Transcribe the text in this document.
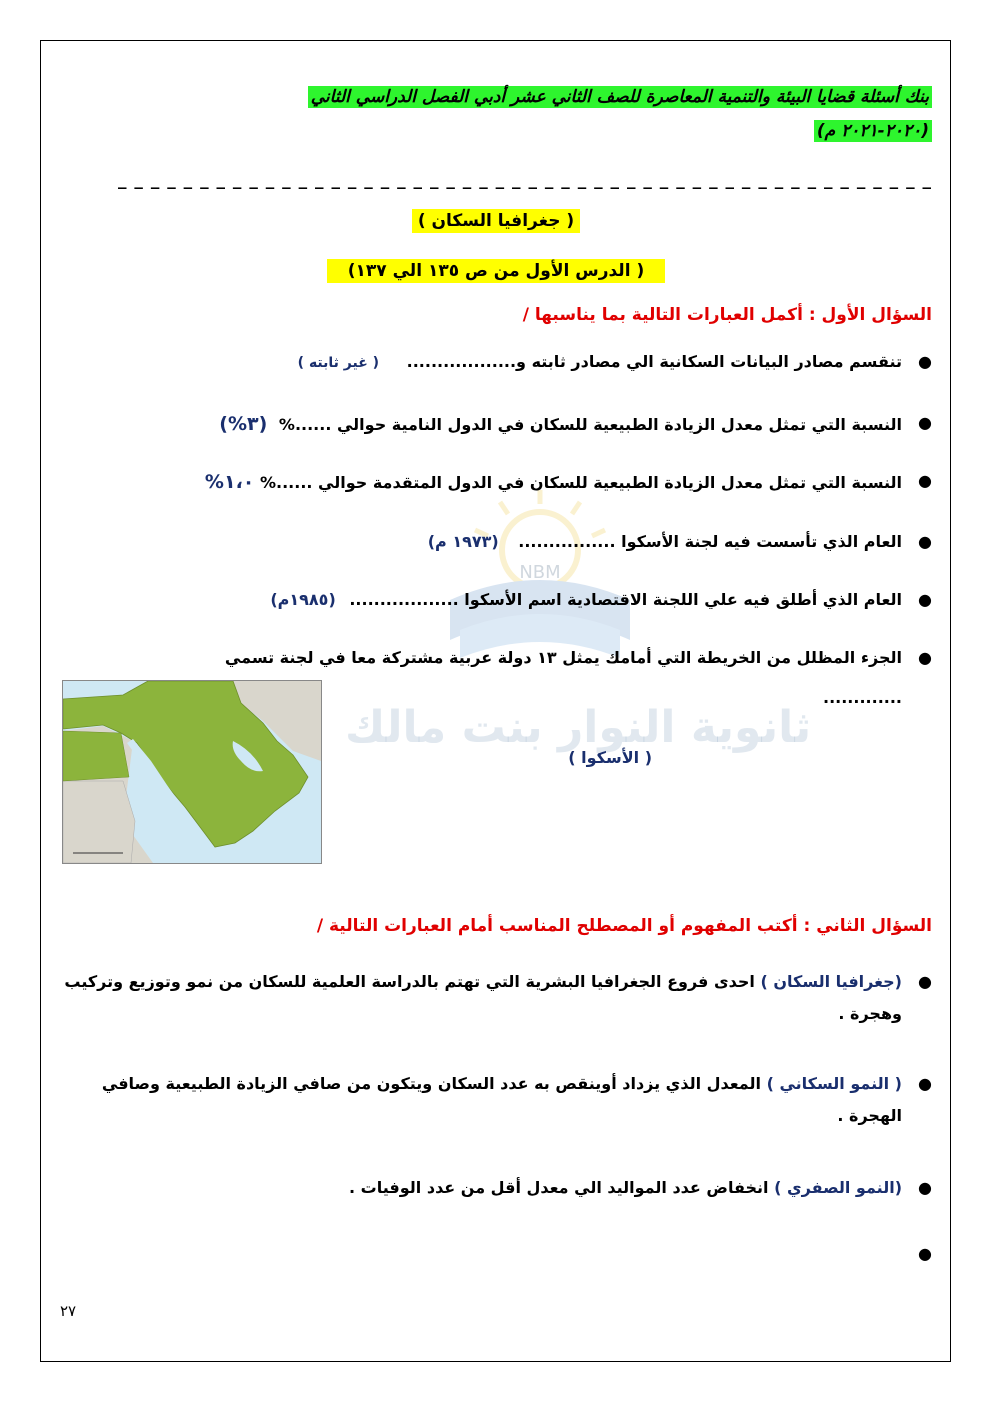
NBM
ثانوية النوار بنت مالك
بنك أسئلة قضايا البيئة والتنمية المعاصرة للصف الثاني عشر أدبي الفصل الدراسي الثاني
(٢٠٢٠-٢٠٢١ م)
_ _ _ _ _ _ _ _ _ _ _ _ _ _ _ _ _ _ _ _ _ _ _ _ _ _ _ _ _ _ _ _ _ _ _ _ _ _ _ _ _ _ _ _ _ _ _ _ _ _
( جغرافيا السكان )
( الدرس الأول من ص ١٣٥ الي ١٣٧)
السؤال الأول : أكمل العبارات التالية بما يناسبها /
●
تنقسم مصادر البيانات السكانية الي مصادر ثابته و.................. ( غير ثابته )
●
النسبة التي تمثل معدل الزيادة الطبيعية للسكان في الدول النامية حوالي ......% (٣%)
●
النسبة التي تمثل معدل الزيادة الطبيعية للسكان في الدول المتقدمة حوالي ......% ١،٠%
●
العام الذي تأسست فيه لجنة الأسكوا ................ (١٩٧٣ م)
●
العام الذي أطلق فيه علي اللجنة الاقتصادية اسم الأسكوا .................. (١٩٨٥م)
●
الجزء المظلل من الخريطة التي أمامك يمثل ١٣ دولة عربية مشتركة معا في لجنة تسمي
.............
( الأسكوا )
السؤال الثاني : أكتب المفهوم أو المصطلح المناسب أمام العبارات التالية /
●
(جغرافيا السكان ) احدى فروع الجغرافيا البشرية التي تهتم بالدراسة العلمية للسكان من نمو وتوزيع وتركيب وهجرة .
●
( النمو السكاني ) المعدل الذي يزداد أوينقص به عدد السكان ويتكون من صافي الزيادة الطبيعية وصافي الهجرة .
●
(النمو الصفري ) انخفاض عدد المواليد الي معدل أقل من عدد الوفيات .
●
٢٧
